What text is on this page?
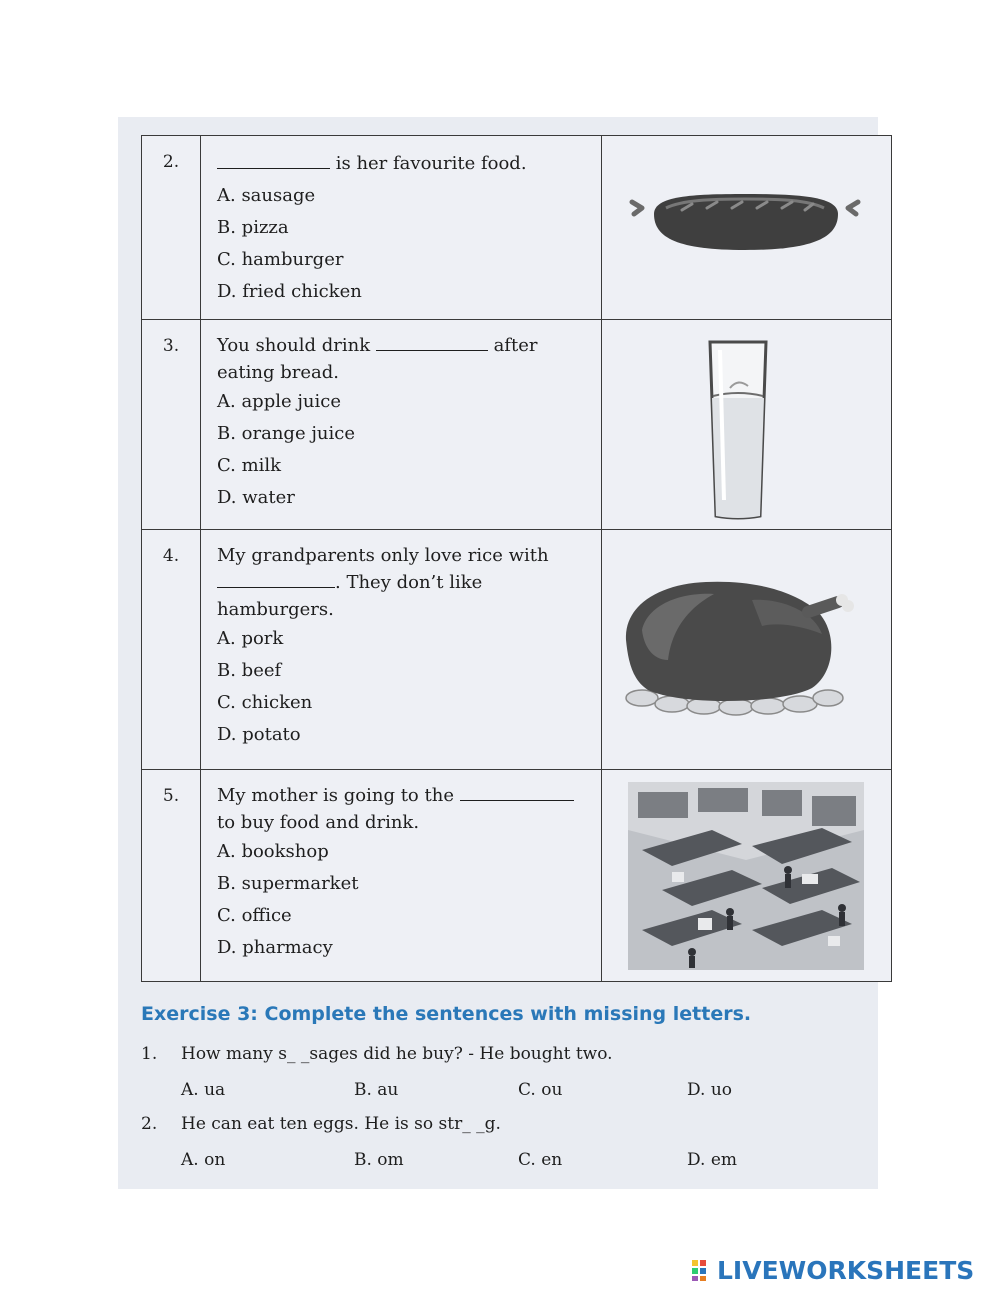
2.	is her favourite food.
A. sausage
B. pizza
C. hamburger
D. fried chicken

3.	You should drink after eating bread.
A. apple juice
B. orange juice
C. milk
D. water

4.	My grandparents only love rice with . They don’t like hamburgers.
A. pork
B. beef
C. chicken
D. potato

5.	My mother is going to the  to buy food and drink.
A. bookshop
B. supermarket
C. office
D. pharmacy

Exercise 3: Complete the sentences with missing letters.
1. How many s_ _sages did he buy? - He bought two.
A. ua	B. au	C. ou	D. uo
2. He can eat ten eggs. He is so str_ _g.
A. on	B. om	C. en	D. em
LIVEWORKSHEETS
